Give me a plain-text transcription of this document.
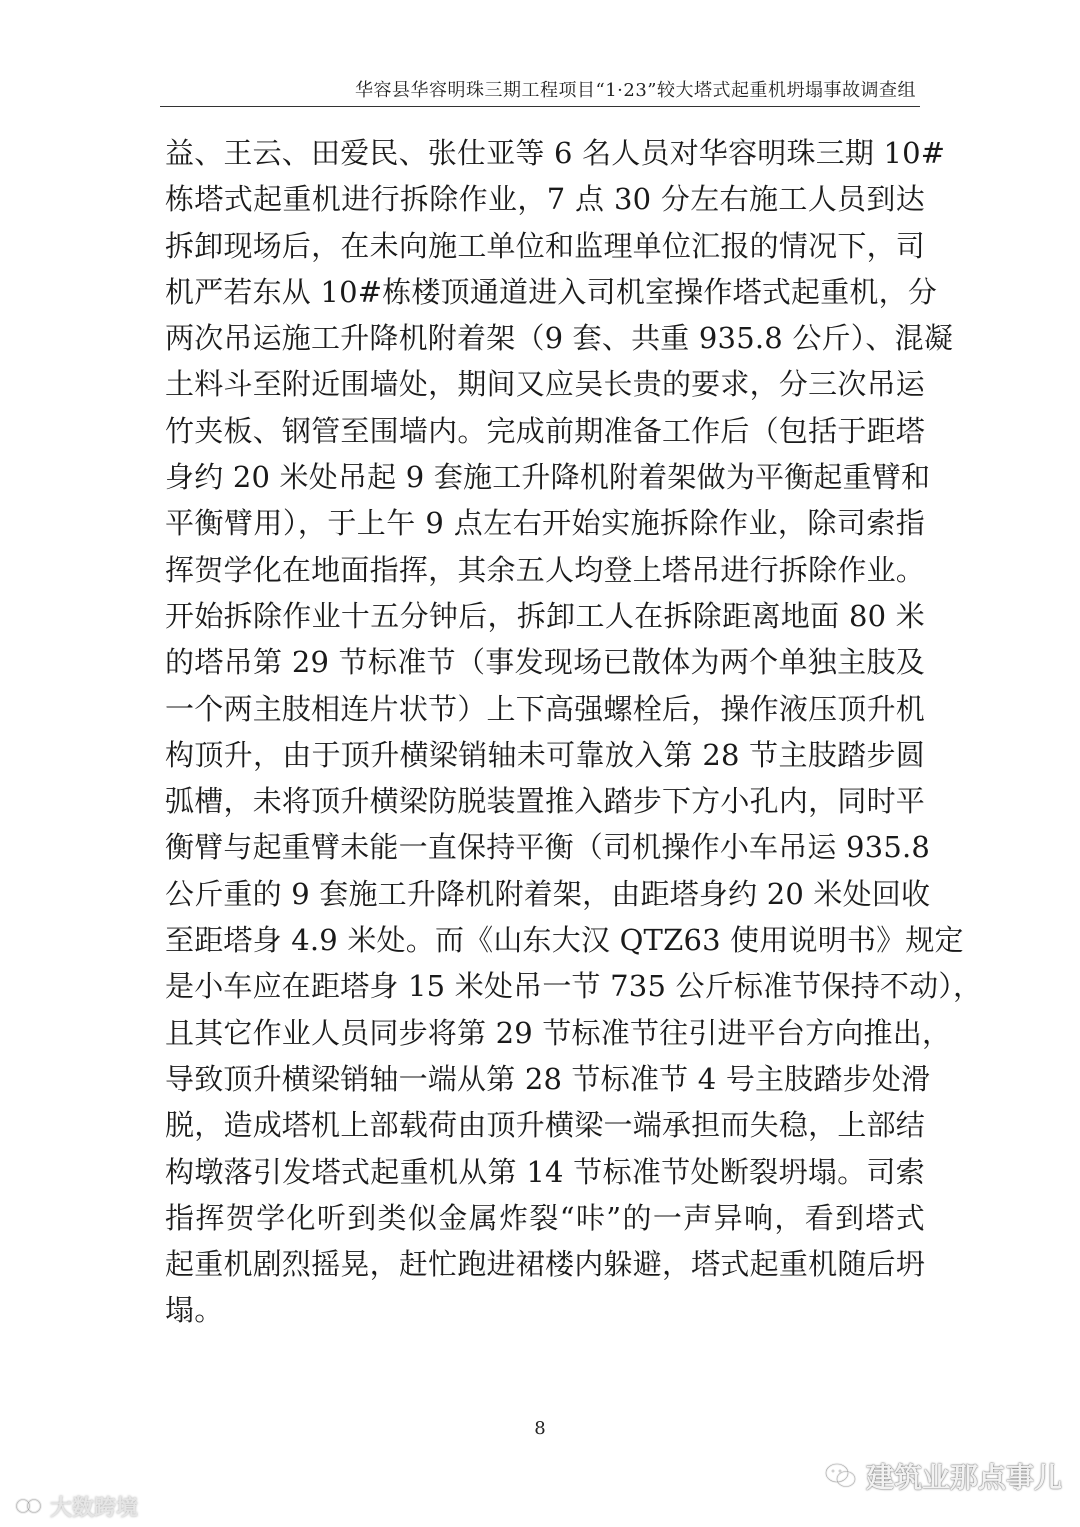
华容县华容明珠三期工程项目“1·23”较大塔式起重机坍塌事故调查组
益、王云、田爱民、张仕亚等 6 名人员对华容明珠三期 10#
栋塔式起重机进行拆除作业，7 点 30 分左右施工人员到达
拆卸现场后，在未向施工单位和监理单位汇报的情况下，司
机严若东从 10#栋楼顶通道进入司机室操作塔式起重机，分
两次吊运施工升降机附着架（9 套、共重 935.8 公斤）、混凝
土料斗至附近围墙处，期间又应吴长贵的要求，分三次吊运
竹夹板、钢管至围墙内。完成前期准备工作后（包括于距塔
身约 20 米处吊起 9 套施工升降机附着架做为平衡起重臂和
平衡臂用），于上午 9 点左右开始实施拆除作业，除司索指
挥贺学化在地面指挥，其余五人均登上塔吊进行拆除作业。
开始拆除作业十五分钟后，拆卸工人在拆除距离地面 80 米
的塔吊第 29 节标准节（事发现场已散体为两个单独主肢及
一个两主肢相连片状节）上下高强螺栓后，操作液压顶升机
构顶升，由于顶升横梁销轴未可靠放入第 28 节主肢踏步圆
弧槽，未将顶升横梁防脱装置推入踏步下方小孔内，同时平
衡臂与起重臂未能一直保持平衡（司机操作小车吊运 935.8
公斤重的 9 套施工升降机附着架，由距塔身约 20 米处回收
至距塔身 4.9 米处。而《山东大汉 QTZ63 使用说明书》规定
是小车应在距塔身 15 米处吊一节 735 公斤标准节保持不动），
且其它作业人员同步将第 29 节标准节往引进平台方向推出，
导致顶升横梁销轴一端从第 28 节标准节 4 号主肢踏步处滑
脱，造成塔机上部载荷由顶升横梁一端承担而失稳，上部结
构墩落引发塔式起重机从第 14 节标准节处断裂坍塌。司索
指挥贺学化听到类似金属炸裂“咔”的一声异响，看到塔式
起重机剧烈摇晃，赶忙跑进裙楼内躲避，塔式起重机随后坍
塌。
8
大数跨境
建筑业那点事儿
